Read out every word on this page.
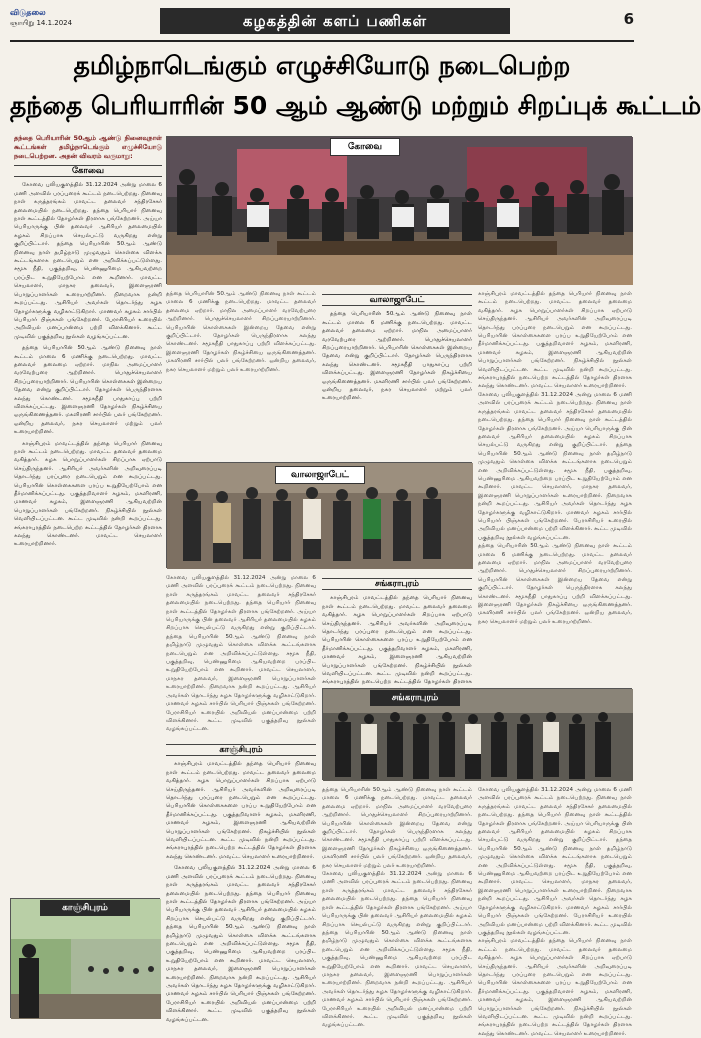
விடுதலை
ஞாயிறு 14.1.2024	கழகத்தின் களப் பணிகள்	6
தமிழ்நாடெங்கும் எழுச்சியோடு நடைபெற்ற
தந்தை பெரியாரின் 50 ஆம் ஆண்டு மற்றும் சிறப்புக் கூட்டம்
தந்தை பெரியாரின் 50ஆம் ஆண்டு நினைவுநாள் கூட்டங்கள் தமிழ்நாடெங்கும் எழுச்சியோடு நடைபெற்றன. அதன் விவரம் வருமாறு:
கோவை

கோவை புலியகுளத்தில் 31.12.2024 அன்று மாலை 6 மணி அளவில் பரப்புரைக் கூட்டம் நடைபெற்றது. நினைவு நாள் கருத்தரங்கம் மாவட்ட தலைவர் சந்திரசேகர் தலைமையில் நடைபெற்றது. தந்தை பெரியார் நினைவு நாள் கூட்டத்தில் தோழர்கள் திரளாக பங்கேற்றனர். அய்யா பெரியாருக்கு பின் தலைவர் ஆசிரியர் தலைமையில் கழகம் சிறப்பாக செயல்பட்டு வருகிறது என்று குறிப்பிட்டார். தந்தை பெரியாரின் 50ஆம் ஆண்டு நினைவு நாள் தமிழ்நாடு முழுவதும் கொள்கை விளக்க கூட்டங்களாக நடைபெறும் என அறிவிக்கப்பட்டுள்ளது. சமூக நீதி, பகுத்தறிவு, பெண்ணுரிமை ஆகியவற்றை பரப்பிட உறுதியேற்போம் என கூறினார். மாவட்ட செயலாளர், மாநகர தலைவர், இளைஞரணி பொறுப்பாளர்கள் உரையாற்றினர். நிறைவாக நன்றி கூறப்பட்டது. ஆசிரியர் அவர்கள் தொடர்ந்து கழக தோழர்களுக்கு வழிகாட்டுகிறார். மாணவர் கழகம் சார்பில் பெரியார் பிஞ்சுகள் பங்கேற்றனர். பேராசிரியர் உரையில் அறிவியல் மனப்பான்மை பற்றி விளக்கினார். கூட்ட முடிவில் பகுத்தறிவு நூல்கள் வழங்கப்பட்டன.

தந்தை பெரியாரின் 50ஆம் ஆண்டு நினைவு நாள் கூட்டம் மாலை 6 மணிக்கு நடைபெற்றது. மாவட்ட தலைவர் தலைமை ஏற்றார். மாநில அமைப்பாளர் வரவேற்புரை ஆற்றினார். பொதுச்செயலாளர் சிறப்புரையாற்றினார். பெரியாரின் கொள்கைகள் இன்றைய தேவை என்று குறிப்பிட்டார். தோழர்கள் பெருந்திரளாக கலந்து கொண்டனர். சமூகநீதி பாதுகாப்பு பற்றி விளக்கப்பட்டது. இளைஞரணி தோழர்கள் நிகழ்ச்சியை ஒருங்கிணைத்தனர். மகளிரணி சார்பில் பலர் பங்கேற்றனர். ஒன்றிய தலைவர், நகர செயலாளர் மற்றும் பலர் உரையாற்றினர்.

காஞ்சிபுரம் மாவட்டத்தில் தந்தை பெரியார் நினைவு நாள் கூட்டம் நடைபெற்றது. மாவட்ட தலைவர் தலைமை வகித்தார். கழக பொறுப்பாளர்கள் சிறப்பாக ஏற்பாடு செய்திருந்தனர். ஆசிரியர் அவர்களின் அறிவுரைப்படி தொடர்ந்து பரப்புரை நடைபெறும் என கூறப்பட்டது. பெரியாரின் கொள்கைகளை பரப்ப உறுதியேற்போம் என தீர்மானிக்கப்பட்டது. பகுத்தறிவாளர் கழகம், மகளிரணி, மாணவர் கழகம், இளைஞரணி ஆகியவற்றின் பொறுப்பாளர்கள் பங்கேற்றனர். நிகழ்ச்சியில் நூல்கள் வெளியிடப்பட்டன. கூட்ட முடிவில் நன்றி கூறப்பட்டது. சங்கராபுரத்தில் நடைபெற்ற கூட்டத்தில் தோழர்கள் திரளாக கலந்து கொண்டனர். மாவட்ட செயலாளர் உரையாற்றினார்.

கோவை

தந்தை பெரியாரின் 50ஆம் ஆண்டு நினைவு நாள் கூட்டம் மாலை 6 மணிக்கு நடைபெற்றது. மாவட்ட தலைவர் தலைமை ஏற்றார். மாநில அமைப்பாளர் வரவேற்புரை ஆற்றினார். பொதுச்செயலாளர் சிறப்புரையாற்றினார். பெரியாரின் கொள்கைகள் இன்றைய தேவை என்று குறிப்பிட்டார். தோழர்கள் பெருந்திரளாக கலந்து கொண்டனர். சமூகநீதி பாதுகாப்பு பற்றி விளக்கப்பட்டது. இளைஞரணி தோழர்கள் நிகழ்ச்சியை ஒருங்கிணைத்தனர். மகளிரணி சார்பில் பலர் பங்கேற்றனர். ஒன்றிய தலைவர், நகர செயலாளர் மற்றும் பலர் உரையாற்றினர்.

வாலாஜாபேட்

தந்தை பெரியாரின் 50ஆம் ஆண்டு நினைவு நாள் கூட்டம் மாலை 6 மணிக்கு நடைபெற்றது. மாவட்ட தலைவர் தலைமை ஏற்றார். மாநில அமைப்பாளர் வரவேற்புரை ஆற்றினார். பொதுச்செயலாளர் சிறப்புரையாற்றினார். பெரியாரின் கொள்கைகள் இன்றைய தேவை என்று குறிப்பிட்டார். தோழர்கள் பெருந்திரளாக கலந்து கொண்டனர். சமூகநீதி பாதுகாப்பு பற்றி விளக்கப்பட்டது. இளைஞரணி தோழர்கள் நிகழ்ச்சியை ஒருங்கிணைத்தனர். மகளிரணி சார்பில் பலர் பங்கேற்றனர். ஒன்றிய தலைவர், நகர செயலாளர் மற்றும் பலர் உரையாற்றினர்.

காஞ்சிபுரம் மாவட்டத்தில் தந்தை பெரியார் நினைவு நாள் கூட்டம் நடைபெற்றது. மாவட்ட தலைவர் தலைமை வகித்தார். கழக பொறுப்பாளர்கள் சிறப்பாக ஏற்பாடு செய்திருந்தனர். ஆசிரியர் அவர்களின் அறிவுரைப்படி தொடர்ந்து பரப்புரை நடைபெறும் என கூறப்பட்டது. பெரியாரின் கொள்கைகளை பரப்ப உறுதியேற்போம் என தீர்மானிக்கப்பட்டது. பகுத்தறிவாளர் கழகம், மகளிரணி, மாணவர் கழகம், இளைஞரணி ஆகியவற்றின் பொறுப்பாளர்கள் பங்கேற்றனர். நிகழ்ச்சியில் நூல்கள் வெளியிடப்பட்டன. கூட்ட முடிவில் நன்றி கூறப்பட்டது. சங்கராபுரத்தில் நடைபெற்ற கூட்டத்தில் தோழர்கள் திரளாக கலந்து கொண்டனர். மாவட்ட செயலாளர் உரையாற்றினார்.

கோவை புலியகுளத்தில் 31.12.2024 அன்று மாலை 6 மணி அளவில் பரப்புரைக் கூட்டம் நடைபெற்றது. நினைவு நாள் கருத்தரங்கம் மாவட்ட தலைவர் சந்திரசேகர் தலைமையில் நடைபெற்றது. தந்தை பெரியார் நினைவு நாள் கூட்டத்தில் தோழர்கள் திரளாக பங்கேற்றனர். அய்யா பெரியாருக்கு பின் தலைவர் ஆசிரியர் தலைமையில் கழகம் சிறப்பாக செயல்பட்டு வருகிறது என்று குறிப்பிட்டார். தந்தை பெரியாரின் 50ஆம் ஆண்டு நினைவு நாள் தமிழ்நாடு முழுவதும் கொள்கை விளக்க கூட்டங்களாக நடைபெறும் என அறிவிக்கப்பட்டுள்ளது. சமூக நீதி, பகுத்தறிவு, பெண்ணுரிமை ஆகியவற்றை பரப்பிட உறுதியேற்போம் என கூறினார். மாவட்ட செயலாளர், மாநகர தலைவர், இளைஞரணி பொறுப்பாளர்கள் உரையாற்றினர். நிறைவாக நன்றி கூறப்பட்டது. ஆசிரியர் அவர்கள் தொடர்ந்து கழக தோழர்களுக்கு வழிகாட்டுகிறார். மாணவர் கழகம் சார்பில் பெரியார் பிஞ்சுகள் பங்கேற்றனர். பேராசிரியர் உரையில் அறிவியல் மனப்பான்மை பற்றி விளக்கினார். கூட்ட முடிவில் பகுத்தறிவு நூல்கள் வழங்கப்பட்டன.

தந்தை பெரியாரின் 50ஆம் ஆண்டு நினைவு நாள் கூட்டம் மாலை 6 மணிக்கு நடைபெற்றது. மாவட்ட தலைவர் தலைமை ஏற்றார். மாநில அமைப்பாளர் வரவேற்புரை ஆற்றினார். பொதுச்செயலாளர் சிறப்புரையாற்றினார். பெரியாரின் கொள்கைகள் இன்றைய தேவை என்று குறிப்பிட்டார். தோழர்கள் பெருந்திரளாக கலந்து கொண்டனர். சமூகநீதி பாதுகாப்பு பற்றி விளக்கப்பட்டது. இளைஞரணி தோழர்கள் நிகழ்ச்சியை ஒருங்கிணைத்தனர். மகளிரணி சார்பில் பலர் பங்கேற்றனர். ஒன்றிய தலைவர், நகர செயலாளர் மற்றும் பலர் உரையாற்றினர்.

வாலாஜாபேட்

கோவை புலியகுளத்தில் 31.12.2024 அன்று மாலை 6 மணி அளவில் பரப்புரைக் கூட்டம் நடைபெற்றது. நினைவு நாள் கருத்தரங்கம் மாவட்ட தலைவர் சந்திரசேகர் தலைமையில் நடைபெற்றது. தந்தை பெரியார் நினைவு நாள் கூட்டத்தில் தோழர்கள் திரளாக பங்கேற்றனர். அய்யா பெரியாருக்கு பின் தலைவர் ஆசிரியர் தலைமையில் கழகம் சிறப்பாக செயல்பட்டு வருகிறது என்று குறிப்பிட்டார். தந்தை பெரியாரின் 50ஆம் ஆண்டு நினைவு நாள் தமிழ்நாடு முழுவதும் கொள்கை விளக்க கூட்டங்களாக நடைபெறும் என அறிவிக்கப்பட்டுள்ளது. சமூக நீதி, பகுத்தறிவு, பெண்ணுரிமை ஆகியவற்றை பரப்பிட உறுதியேற்போம் என கூறினார். மாவட்ட செயலாளர், மாநகர தலைவர், இளைஞரணி பொறுப்பாளர்கள் உரையாற்றினர். நிறைவாக நன்றி கூறப்பட்டது. ஆசிரியர் அவர்கள் தொடர்ந்து கழக தோழர்களுக்கு வழிகாட்டுகிறார். மாணவர் கழகம் சார்பில் பெரியார் பிஞ்சுகள் பங்கேற்றனர். பேராசிரியர் உரையில் அறிவியல் மனப்பான்மை பற்றி விளக்கினார். கூட்ட முடிவில் பகுத்தறிவு நூல்கள் வழங்கப்பட்டன.

சங்கராபுரம்

காஞ்சிபுரம் மாவட்டத்தில் தந்தை பெரியார் நினைவு நாள் கூட்டம் நடைபெற்றது. மாவட்ட தலைவர் தலைமை வகித்தார். கழக பொறுப்பாளர்கள் சிறப்பாக ஏற்பாடு செய்திருந்தனர். ஆசிரியர் அவர்களின் அறிவுரைப்படி தொடர்ந்து பரப்புரை நடைபெறும் என கூறப்பட்டது. பெரியாரின் கொள்கைகளை பரப்ப உறுதியேற்போம் என தீர்மானிக்கப்பட்டது. பகுத்தறிவாளர் கழகம், மகளிரணி, மாணவர் கழகம், இளைஞரணி ஆகியவற்றின் பொறுப்பாளர்கள் பங்கேற்றனர். நிகழ்ச்சியில் நூல்கள் வெளியிடப்பட்டன. கூட்ட முடிவில் நன்றி கூறப்பட்டது. சங்கராபுரத்தில் நடைபெற்ற கூட்டத்தில் தோழர்கள் திரளாக

காஞ்சிபுரம்

காஞ்சிபுரம் மாவட்டத்தில் தந்தை பெரியார் நினைவு நாள் கூட்டம் நடைபெற்றது. மாவட்ட தலைவர் தலைமை வகித்தார். கழக பொறுப்பாளர்கள் சிறப்பாக ஏற்பாடு செய்திருந்தனர். ஆசிரியர் அவர்களின் அறிவுரைப்படி தொடர்ந்து பரப்புரை நடைபெறும் என கூறப்பட்டது. பெரியாரின் கொள்கைகளை பரப்ப உறுதியேற்போம் என தீர்மானிக்கப்பட்டது. பகுத்தறிவாளர் கழகம், மகளிரணி, மாணவர் கழகம், இளைஞரணி ஆகியவற்றின் பொறுப்பாளர்கள் பங்கேற்றனர். நிகழ்ச்சியில் நூல்கள் வெளியிடப்பட்டன. கூட்ட முடிவில் நன்றி கூறப்பட்டது. சங்கராபுரத்தில் நடைபெற்ற கூட்டத்தில் தோழர்கள் திரளாக கலந்து கொண்டனர். மாவட்ட செயலாளர் உரையாற்றினார்.

கோவை புலியகுளத்தில் 31.12.2024 அன்று மாலை 6 மணி அளவில் பரப்புரைக் கூட்டம் நடைபெற்றது. நினைவு நாள் கருத்தரங்கம் மாவட்ட தலைவர் சந்திரசேகர் தலைமையில் நடைபெற்றது. தந்தை பெரியார் நினைவு நாள் கூட்டத்தில் தோழர்கள் திரளாக பங்கேற்றனர். அய்யா பெரியாருக்கு பின் தலைவர் ஆசிரியர் தலைமையில் கழகம் சிறப்பாக செயல்பட்டு வருகிறது என்று குறிப்பிட்டார். தந்தை பெரியாரின் 50ஆம் ஆண்டு நினைவு நாள் தமிழ்நாடு முழுவதும் கொள்கை விளக்க கூட்டங்களாக நடைபெறும் என அறிவிக்கப்பட்டுள்ளது. சமூக நீதி, பகுத்தறிவு, பெண்ணுரிமை ஆகியவற்றை பரப்பிட உறுதியேற்போம் என கூறினார். மாவட்ட செயலாளர், மாநகர தலைவர், இளைஞரணி பொறுப்பாளர்கள் உரையாற்றினர். நிறைவாக நன்றி கூறப்பட்டது. ஆசிரியர் அவர்கள் தொடர்ந்து கழக தோழர்களுக்கு வழிகாட்டுகிறார். மாணவர் கழகம் சார்பில் பெரியார் பிஞ்சுகள் பங்கேற்றனர். பேராசிரியர் உரையில் அறிவியல் மனப்பான்மை பற்றி விளக்கினார். கூட்ட முடிவில் பகுத்தறிவு நூல்கள் வழங்கப்பட்டன.

சங்கராபுரம்

தந்தை பெரியாரின் 50ஆம் ஆண்டு நினைவு நாள் கூட்டம் மாலை 6 மணிக்கு நடைபெற்றது. மாவட்ட தலைவர் தலைமை ஏற்றார். மாநில அமைப்பாளர் வரவேற்புரை ஆற்றினார். பொதுச்செயலாளர் சிறப்புரையாற்றினார். பெரியாரின் கொள்கைகள் இன்றைய தேவை என்று குறிப்பிட்டார். தோழர்கள் பெருந்திரளாக கலந்து கொண்டனர். சமூகநீதி பாதுகாப்பு பற்றி விளக்கப்பட்டது. இளைஞரணி தோழர்கள் நிகழ்ச்சியை ஒருங்கிணைத்தனர். மகளிரணி சார்பில் பலர் பங்கேற்றனர். ஒன்றிய தலைவர், நகர செயலாளர் மற்றும் பலர் உரையாற்றினர்.

கோவை புலியகுளத்தில் 31.12.2024 அன்று மாலை 6 மணி அளவில் பரப்புரைக் கூட்டம் நடைபெற்றது. நினைவு நாள் கருத்தரங்கம் மாவட்ட தலைவர் சந்திரசேகர் தலைமையில் நடைபெற்றது. தந்தை பெரியார் நினைவு நாள் கூட்டத்தில் தோழர்கள் திரளாக பங்கேற்றனர். அய்யா பெரியாருக்கு பின் தலைவர் ஆசிரியர் தலைமையில் கழகம் சிறப்பாக செயல்பட்டு வருகிறது என்று குறிப்பிட்டார். தந்தை பெரியாரின் 50ஆம் ஆண்டு நினைவு நாள் தமிழ்நாடு முழுவதும் கொள்கை விளக்க கூட்டங்களாக நடைபெறும் என அறிவிக்கப்பட்டுள்ளது. சமூக நீதி, பகுத்தறிவு, பெண்ணுரிமை ஆகியவற்றை பரப்பிட உறுதியேற்போம் என கூறினார். மாவட்ட செயலாளர், மாநகர தலைவர், இளைஞரணி பொறுப்பாளர்கள் உரையாற்றினர். நிறைவாக நன்றி கூறப்பட்டது. ஆசிரியர் அவர்கள் தொடர்ந்து கழக தோழர்களுக்கு வழிகாட்டுகிறார். மாணவர் கழகம் சார்பில் பெரியார் பிஞ்சுகள் பங்கேற்றனர். பேராசிரியர் உரையில் அறிவியல் மனப்பான்மை பற்றி விளக்கினார். கூட்ட முடிவில் பகுத்தறிவு நூல்கள் வழங்கப்பட்டன.

கோவை புலியகுளத்தில் 31.12.2024 அன்று மாலை 6 மணி அளவில் பரப்புரைக் கூட்டம் நடைபெற்றது. நினைவு நாள் கருத்தரங்கம் மாவட்ட தலைவர் சந்திரசேகர் தலைமையில் நடைபெற்றது. தந்தை பெரியார் நினைவு நாள் கூட்டத்தில் தோழர்கள் திரளாக பங்கேற்றனர். அய்யா பெரியாருக்கு பின் தலைவர் ஆசிரியர் தலைமையில் கழகம் சிறப்பாக செயல்பட்டு வருகிறது என்று குறிப்பிட்டார். தந்தை பெரியாரின் 50ஆம் ஆண்டு நினைவு நாள் தமிழ்நாடு முழுவதும் கொள்கை விளக்க கூட்டங்களாக நடைபெறும் என அறிவிக்கப்பட்டுள்ளது. சமூக நீதி, பகுத்தறிவு, பெண்ணுரிமை ஆகியவற்றை பரப்பிட உறுதியேற்போம் என கூறினார். மாவட்ட செயலாளர், மாநகர தலைவர், இளைஞரணி பொறுப்பாளர்கள் உரையாற்றினர். நிறைவாக நன்றி கூறப்பட்டது. ஆசிரியர் அவர்கள் தொடர்ந்து கழக தோழர்களுக்கு வழிகாட்டுகிறார். மாணவர் கழகம் சார்பில் பெரியார் பிஞ்சுகள் பங்கேற்றனர். பேராசிரியர் உரையில் அறிவியல் மனப்பான்மை பற்றி விளக்கினார். கூட்ட முடிவில் பகுத்தறிவு நூல்கள் வழங்கப்பட்டன.

காஞ்சிபுரம் மாவட்டத்தில் தந்தை பெரியார் நினைவு நாள் கூட்டம் நடைபெற்றது. மாவட்ட தலைவர் தலைமை வகித்தார். கழக பொறுப்பாளர்கள் சிறப்பாக ஏற்பாடு செய்திருந்தனர். ஆசிரியர் அவர்களின் அறிவுரைப்படி தொடர்ந்து பரப்புரை நடைபெறும் என கூறப்பட்டது. பெரியாரின் கொள்கைகளை பரப்ப உறுதியேற்போம் என தீர்மானிக்கப்பட்டது. பகுத்தறிவாளர் கழகம், மகளிரணி, மாணவர் கழகம், இளைஞரணி ஆகியவற்றின் பொறுப்பாளர்கள் பங்கேற்றனர். நிகழ்ச்சியில் நூல்கள் வெளியிடப்பட்டன. கூட்ட முடிவில் நன்றி கூறப்பட்டது. சங்கராபுரத்தில் நடைபெற்ற கூட்டத்தில் தோழர்கள் திரளாக கலந்து கொண்டனர். மாவட்ட செயலாளர் உரையாற்றினார்.

காஞ்சிபுரம்
